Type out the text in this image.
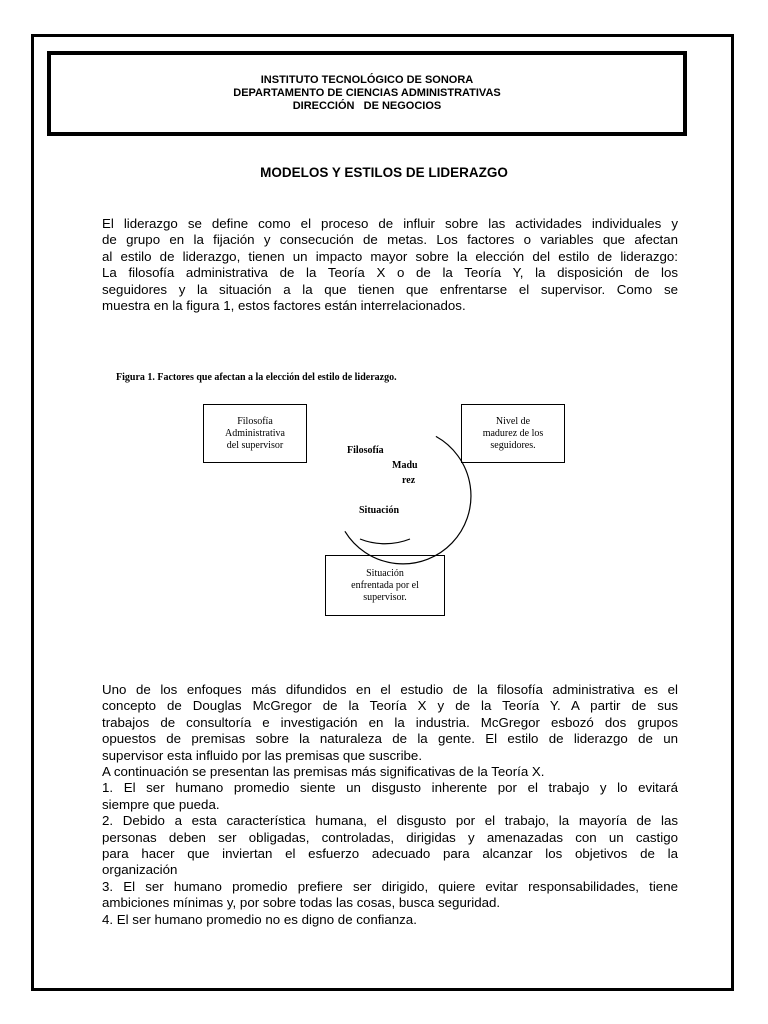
INSTITUTO TECNOLÓGICO DE SONORA
DEPARTAMENTO DE CIENCIAS ADMINISTRATIVAS
DIRECCIÓN   DE NEGOCIOS
MODELOS Y ESTILOS DE LIDERAZGO

El liderazgo se define como el proceso de influir sobre las actividades individuales y
de grupo en la fijación y consecución de metas. Los factores o variables que afectan
al estilo de liderazgo, tienen un impacto mayor sobre la elección del estilo de liderazgo:
La filosofía administrativa de la Teoría X o de la Teoría Y, la disposición de los
seguidores y la situación a la que tienen que enfrentarse el supervisor. Como se
muestra en la figura 1, estos factores están interrelacionados.

Figura 1. Factores que afectan a la elección del estilo de liderazgo.
Filosofía
Administrativa
del supervisor
Nivel de
madurez de los
seguidores.
Situación
enfrentada por el
supervisor.
Filosofía
Madu
rez
Situación

Uno de los enfoques más difundidos en el estudio de la filosofía administrativa es el
concepto de Douglas McGregor de la Teoría X y de la Teoría Y. A partir de sus
trabajos de consultoría e investigación en la industria. McGregor esbozó dos grupos
opuestos de premisas sobre la naturaleza de la gente. El estilo de liderazgo de un
supervisor esta influido por las premisas que suscribe.
A continuación se presentan las premisas más significativas de la Teoría X.
1. El ser humano promedio siente un disgusto inherente por el trabajo y lo evitará
siempre que pueda.
2. Debido a esta característica humana, el disgusto por el trabajo, la mayoría de las
personas deben ser obligadas, controladas, dirigidas y amenazadas con un castigo
para hacer que inviertan el esfuerzo adecuado para alcanzar los objetivos de la
organización
3. El ser humano promedio prefiere ser dirigido, quiere evitar responsabilidades, tiene
ambiciones mínimas y, por sobre todas las cosas, busca seguridad.
4. El ser humano promedio no es digno de confianza.
